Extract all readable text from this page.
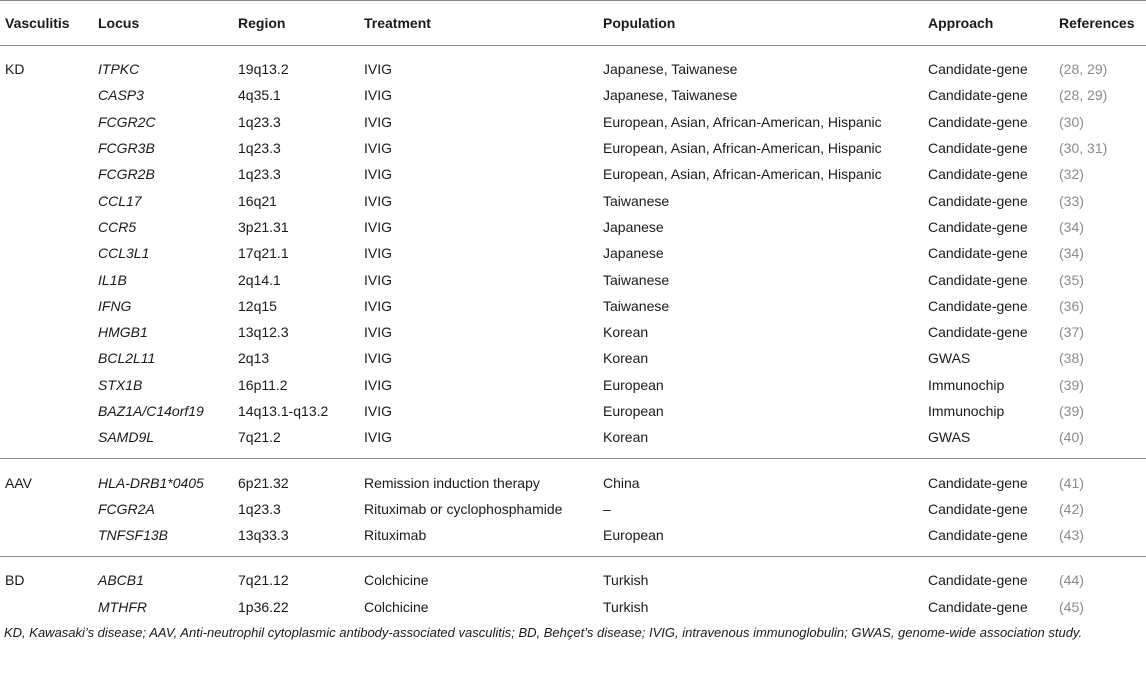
Vasculitis	Locus	Region	Treatment	Population	Approach	References
KD	ITPKC	19q13.2	IVIG	Japanese, Taiwanese	Candidate-gene	(28, 29)
	CASP3	4q35.1	IVIG	Japanese, Taiwanese	Candidate-gene	(28, 29)
	FCGR2C	1q23.3	IVIG	European, Asian, African-American, Hispanic	Candidate-gene	(30)
	FCGR3B	1q23.3	IVIG	European, Asian, African-American, Hispanic	Candidate-gene	(30, 31)
	FCGR2B	1q23.3	IVIG	European, Asian, African-American, Hispanic	Candidate-gene	(32)
	CCL17	16q21	IVIG	Taiwanese	Candidate-gene	(33)
	CCR5	3p21.31	IVIG	Japanese	Candidate-gene	(34)
	CCL3L1	17q21.1	IVIG	Japanese	Candidate-gene	(34)
	IL1B	2q14.1	IVIG	Taiwanese	Candidate-gene	(35)
	IFNG	12q15	IVIG	Taiwanese	Candidate-gene	(36)
	HMGB1	13q12.3	IVIG	Korean	Candidate-gene	(37)
	BCL2L11	2q13	IVIG	Korean	GWAS	(38)
	STX1B	16p11.2	IVIG	European	Immunochip	(39)
	BAZ1A/C14orf19	14q13.1-q13.2	IVIG	European	Immunochip	(39)
	SAMD9L	7q21.2	IVIG	Korean	GWAS	(40)
AAV	HLA-DRB1*0405	6p21.32	Remission induction therapy	China	Candidate-gene	(41)
	FCGR2A	1q23.3	Rituximab or cyclophosphamide	–	Candidate-gene	(42)
	TNFSF13B	13q33.3	Rituximab	European	Candidate-gene	(43)
BD	ABCB1	7q21.12	Colchicine	Turkish	Candidate-gene	(44)
	MTHFR	1p36.22	Colchicine	Turkish	Candidate-gene	(45)
KD, Kawasaki’s disease; AAV, Anti-neutrophil cytoplasmic antibody-associated vasculitis; BD, Behçet’s disease; IVIG, intravenous immunoglobulin; GWAS, genome-wide association study.
